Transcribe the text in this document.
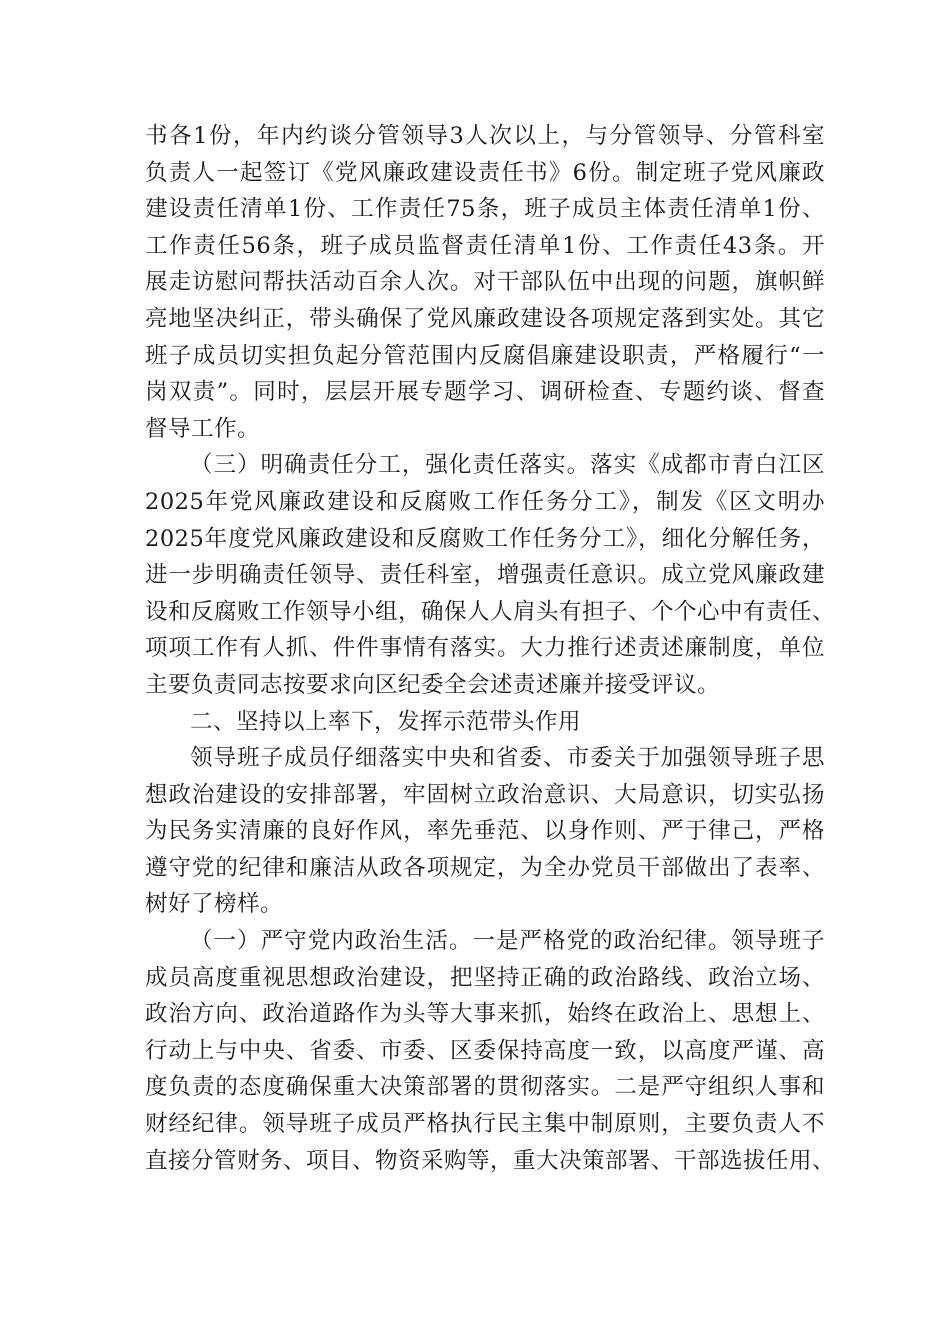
书各1份，年内约谈分管领导3人次以上，与分管领导、分管科室
负责人一起签订《党风廉政建设责任书》6份。制定班子党风廉政
建设责任清单1份、工作责任75条，班子成员主体责任清单1份、
工作责任56条，班子成员监督责任清单1份、工作责任43条。开
展走访慰问帮扶活动百余人次。对干部队伍中出现的问题，旗帜鲜
亮地坚决纠正，带头确保了党风廉政建设各项规定落到实处。其它
班子成员切实担负起分管范围内反腐倡廉建设职责，严格履行“一
岗双责”。同时，层层开展专题学习、调研检查、专题约谈、督查
督导工作。
（三）明确责任分工，强化责任落实。落实《成都市青白江区
2025年党风廉政建设和反腐败工作任务分工》，制发《区文明办
2025年度党风廉政建设和反腐败工作任务分工》，细化分解任务，
进一步明确责任领导、责任科室，增强责任意识。成立党风廉政建
设和反腐败工作领导小组，确保人人肩头有担子、个个心中有责任、
项项工作有人抓、件件事情有落实。大力推行述责述廉制度，单位
主要负责同志按要求向区纪委全会述责述廉并接受评议。
二、坚持以上率下，发挥示范带头作用
领导班子成员仔细落实中央和省委、市委关于加强领导班子思
想政治建设的安排部署，牢固树立政治意识、大局意识，切实弘扬
为民务实清廉的良好作风，率先垂范、以身作则、严于律己，严格
遵守党的纪律和廉洁从政各项规定，为全办党员干部做出了表率、
树好了榜样。
（一）严守党内政治生活。一是严格党的政治纪律。领导班子
成员高度重视思想政治建设，把坚持正确的政治路线、政治立场、
政治方向、政治道路作为头等大事来抓，始终在政治上、思想上、
行动上与中央、省委、市委、区委保持高度一致，以高度严谨、高
度负责的态度确保重大决策部署的贯彻落实。二是严守组织人事和
财经纪律。领导班子成员严格执行民主集中制原则，主要负责人不
直接分管财务、项目、物资采购等，重大决策部署、干部选拔任用、
